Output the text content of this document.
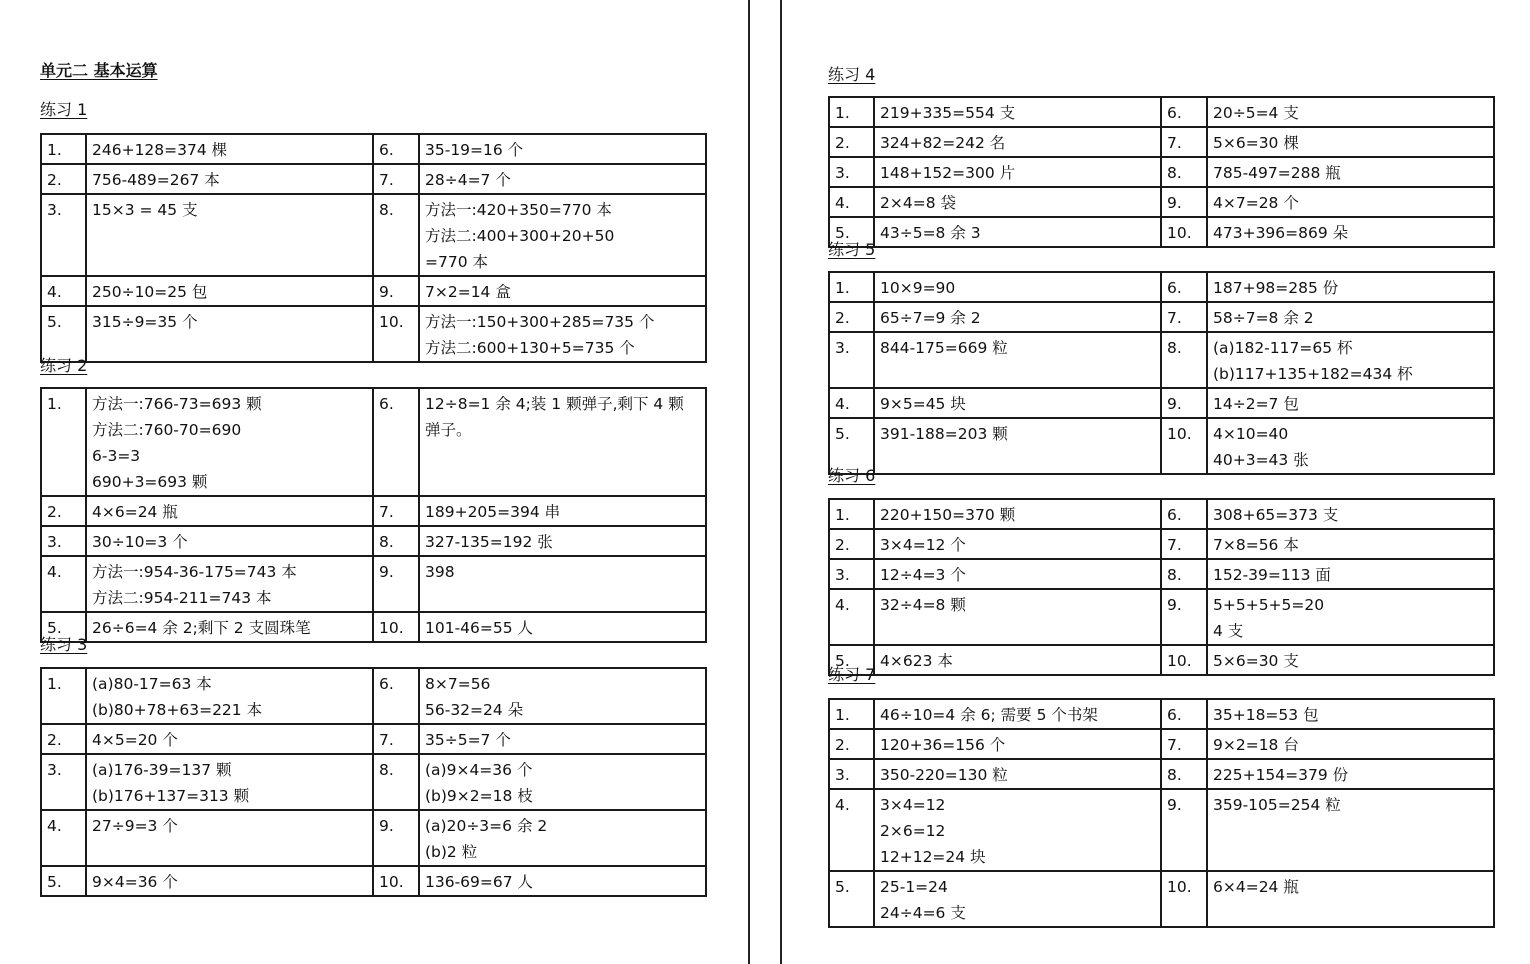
单元二 基本运算
练习 1
1.	246+128=374 棵	6.	35-19=16 个

2.	756-489=267 本	7.	28÷4=7 个

3.	15×3 = 45 支	8.	方法一:420+350=770 本
方法二:400+300+20+50
=770 本

4.	250÷10=25 包	9.	7×2=14 盒

5.	315÷9=35 个	10.	方法一:150+300+285=735 个
方法二:600+130+5=735 个
练习 2
1.	方法一:766-73=693 颗
方法二:760-70=690
6-3=3
690+3=693 颗	6.	12÷8=1 余 4;装 1 颗弹子,剩下 4 颗
弹子。

2.	4×6=24 瓶	7.	189+205=394 串

3.	30÷10=3 个	8.	327-135=192 张

4.	方法一:954-36-175=743 本
方法二:954-211=743 本	9.	398

5.	26÷6=4 余 2;剩下 2 支圆珠笔	10.	101-46=55 人
练习 3
1.	(a)80-17=63 本
(b)80+78+63=221 本	6.	8×7=56
56-32=24 朵

2.	4×5=20 个	7.	35÷5=7 个

3.	(a)176-39=137 颗
(b)176+137=313 颗	8.	(a)9×4=36 个
(b)9×2=18 枝

4.	27÷9=3 个	9.	(a)20÷3=6 余 2
(b)2 粒

5.	9×4=36 个	10.	136-69=67 人
练习 4
1.	219+335=554 支	6.	20÷5=4 支

2.	324+82=242 名	7.	5×6=30 棵

3.	148+152=300 片	8.	785-497=288 瓶

4.	2×4=8 袋	9.	4×7=28 个

5.	43÷5=8 余 3	10.	473+396=869 朵
练习 5
1.	10×9=90	6.	187+98=285 份

2.	65÷7=9 余 2	7.	58÷7=8 余 2

3.	844-175=669 粒	8.	(a)182-117=65 杯
(b)117+135+182=434 杯

4.	9×5=45 块	9.	14÷2=7 包

5.	391-188=203 颗	10.	4×10=40
40+3=43 张
练习 6
1.	220+150=370 颗	6.	308+65=373 支

2.	3×4=12 个	7.	7×8=56 本

3.	12÷4=3 个	8.	152-39=113 面

4.	32÷4=8 颗	9.	5+5+5+5=20
4 支

5.	4×623 本	10.	5×6=30 支
练习 7
1.	46÷10=4 余 6; 需要 5 个书架	6.	35+18=53 包

2.	120+36=156 个	7.	9×2=18 台

3.	350-220=130 粒	8.	225+154=379 份

4.	3×4=12
2×6=12
12+12=24 块	9.	359-105=254 粒

5.	25-1=24
24÷4=6 支	10.	6×4=24 瓶
